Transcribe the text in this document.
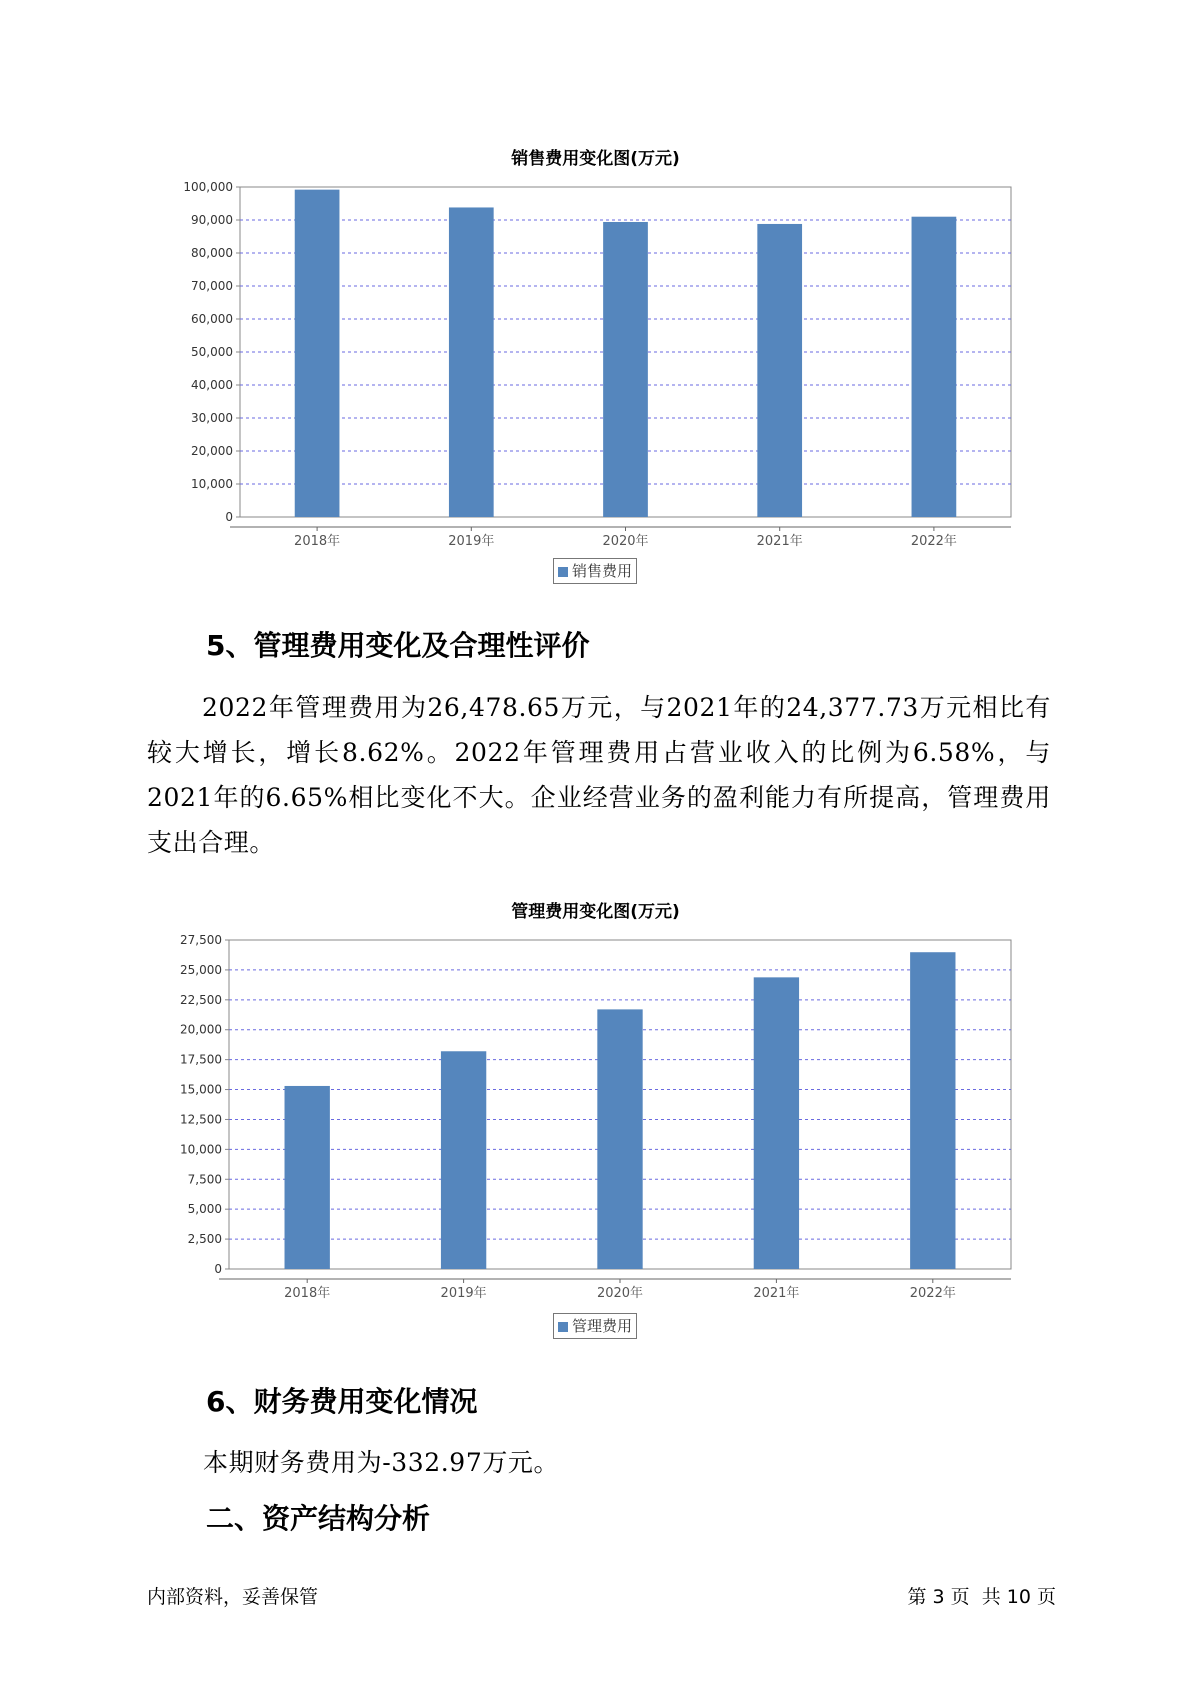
销售费用变化图(万元)
0
10,000
20,000
30,000
40,000
50,000
60,000
70,000
80,000
90,000
100,000
2018年	2019年	2020年	2021年	2022年
销售费用
5、管理费用变化及合理性评价
2022年管理费用为26,478.65万元，与2021年的24,377.73万元相比有较大增长，增长8.62%。2022年管理费用占营业收入的比例为6.58%，与2021年的6.65%相比变化不大。企业经营业务的盈利能力有所提高，管理费用支出合理。
管理费用变化图(万元)
0
2,500
5,000
7,500
10,000
12,500
15,000
17,500
20,000
22,500
25,000
27,500
2018年	2019年	2020年	2021年	2022年
管理费用
6、财务费用变化情况
本期财务费用为-332.97万元。
二、资产结构分析
内部资料，妥善保管	第 3 页  共 10 页
